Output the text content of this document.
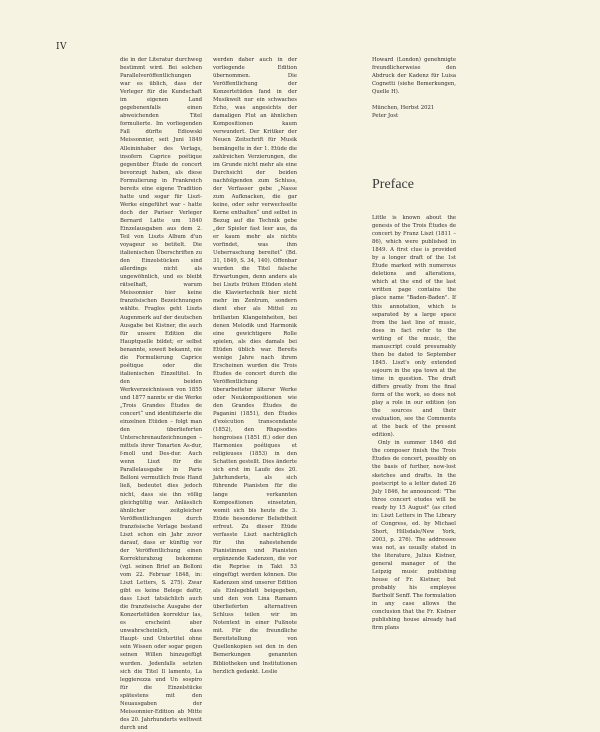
IV

die in der Literatur durchweg bestimmt wird. Bei solchen Parallelveröffentlichungen war es üblich, dass der Verleger für die Kundschaft im eigenen Land gegebenenfalls einen abweichenden Titel formulierte. Im vorliegenden Fall dürfte Ediowski Meissonnier, seit Juni 1849 Alleininhaber des Verlags, insofern Caprice poétique gegenüber Étude de concert bevorzugt haben, als diese Formulierung in Frankreich bereits eine eigene Tradition hatte und sogar für Liszt-Werke eingeführt war – hatte doch der Pariser Verleger Bernard Latte um 1840 Einzelausgaben aus dem 2. Teil von Liszts Album d'un voyageur so betitelt. Die italienischen Überschriften zu den Einzelstücken sind allerdings nicht als ungewöhnlich, und es bleibt rätselhaft, warum Meissonnier hier keine französischen Bezeichnungen wählte. Fraglos geht Liszts Augenmerk auf der deutschen Ausgabe bei Kistner, die auch für unsere Edition die Hauptquelle bildet; er selbst benannte, soweit bekannt, nie die Formulierung Caprice poétique oder die italienischen Einzeltitel. In den beiden Werkverzeichnissen von 1855 und 1877 nannte er die Werke „Trois Grandes Études de concert“ und identifizierte die einzelnen Etüden – folgt man den überlieferten Unterschrenaufzeichnungen – mittels ihrer Tonarten As-dur, f-moll und Des-dur. Auch wenn Liszt für die Parallelausgabe in Paris Belloni vermutlich freie Hand ließ, bedeutet dies jedoch nicht, dass sie ihn völlig gleichgültig war. Anlässlich ähnlicher zeitgleicher Veröffentlichungen durch französische Verlage bestand Liszt schon ein Jahr zuvor darauf, dass er künftig vor der Veröffentlichung einen Korrekturabzug bekomme (vgl. seinen Brief an Belloni vom 22. Februar 1848, in: Liszt Letters, S. 275). Zwar gibt es keine Belege dafür, dass Liszt tatsächlich auch die französische Ausgabe der Konzertetüden korrektur las, es erscheint aber unwahrscheinlich, dass Haupt- und Untertitel ohne sein Wissen oder sogar gegen seinen Willen hinzugefügt wurden. Jedenfalls setzten sich die Titel Il lamento, La leggierezza und Un sospiro für die Einzelstücke spätestens mit den Neuausgaben der Meissonnier-Edition ab Mitte des 20. Jahrhunderts weltweit durch und

werden daher auch in der vorliegende Edition übernommen. Die Veröffentlichung der Konzertetüden fand in der Musikwelt nur ein schwaches Echo, was angesichts der damaligen Flut an ähnlichen Kompositionen kaum verwundert. Der Kritiker der Neuen Zeitschrift für Musik bemängelte in der 1. Etüde die zahlreichen Verzierungen, die im Grunde nicht mehr als eine Durchsicht der beiden nachfolgenden zum Schluss, der Verfasser gebe „Nasse zum Aufknacken, die gar keine, oder sehr verwechselte Kerne enthalten“ und selbst in Bezug auf die Technik gebe „der Spieler fast leer aus, da er kaum mehr als nichts vorfindet, was ihm Ueberraschung bereitet“ (Bd. 31, 1849, S. 34, 140). Offenbar wurden die Titel falsche Erwartungen, denn anders als bei Liszts frühen Etüden steht die Klaviertechnik hier nicht mehr im Zentrum, sondern dient eher als Mittel zu brillanten Klangeinheiten, bei denen Melodik und Harmonik eine gewichtigere Rolle spielen, als dies damals bei Etüden üblich war. Bereits wenige Jahre nach ihrem Erscheinen wurden die Trois Études de concert durch die Veröffentlichung überarbeiteter älterer Werke oder Neukompositionen wie den Grandes Études de Paganini (1851), den Études d'exécution transcendante (1852), den Rhapsodies hongroises (1851 ff.) oder den Harmonies poétiques et religieuses (1853) in den Schatten gestellt. Dies änderte sich erst im Laufe des 20. Jahrhunderts, als sich führende Pianisten für die lange verkannten Kompositionen einsetzten, womit sich bis heute die 3. Etüde besonderer Beliebtheit erfreut. Zu dieser Etüde verfasste Liszt nachträglich für ihn nahestehende Pianistinnen und Pianisten ergänzende Kadenzen, die vor die Reprise in Takt 53 eingefügt werden können. Die Kadenzen sind unserer Edition als Einlegeblatt beigegeben, und den von Lina Ramann überlieferten alternativen Schluss teilen wir im Notentext in einer Fußnote mit. Für die freundliche Bereitstellung von Quellenkopien sei den in den Bemerkungen genannten Bibliotheken und Institutionen herzlich gedankt. Leslie

Howard (London) genehmigte freundlicherweise den Abdruck der Kadenz für Luisa Cognetti (siehe Bemerkungen, Quelle H).

München, Herbst 2021

Peter Jost

Preface

Little is known about the genesis of the Trois Études de concert by Franz Liszt (1811 – 86), which were published in 1849. A first clue is provided by a longer draft of the 1st Étude marked with numerous deletions and alterations, which at the end of the last written page contains the place name "Baden-Baden". If this annotation, which is separated by a large space from the last line of music, does in fact refer to the writing of the music, the manuscript could presumably then be dated to September 1845. Liszt's only extended sojourn in the spa town at the time in question. The draft differs greatly from the final form of the work, so does not play a role in our edition (on the sources and their evaluation, see the Comments at the back of the present edition).

Only in summer 1846 did the composer finish the Trois Études de concert, possibly on the basis of further, now-lost sketches and drafts. In the postscript to a letter dated 26 July 1846, he announced: "The three concert etudes will be ready by 15 August" (as cited in: Liszt Letters in The Library of Congress, ed. by Michael Short, Hillsdale/New York, 2003, p. 276). The addressee was not, as usually stated in the literature, Julius Kistner, general manager of the Leipzig music publishing house of Fr. Kistner, but probably his employee Bartholf Senff. The formulation in any case allows the conclusion that the Fr. Kistner publishing house already had firm plans
